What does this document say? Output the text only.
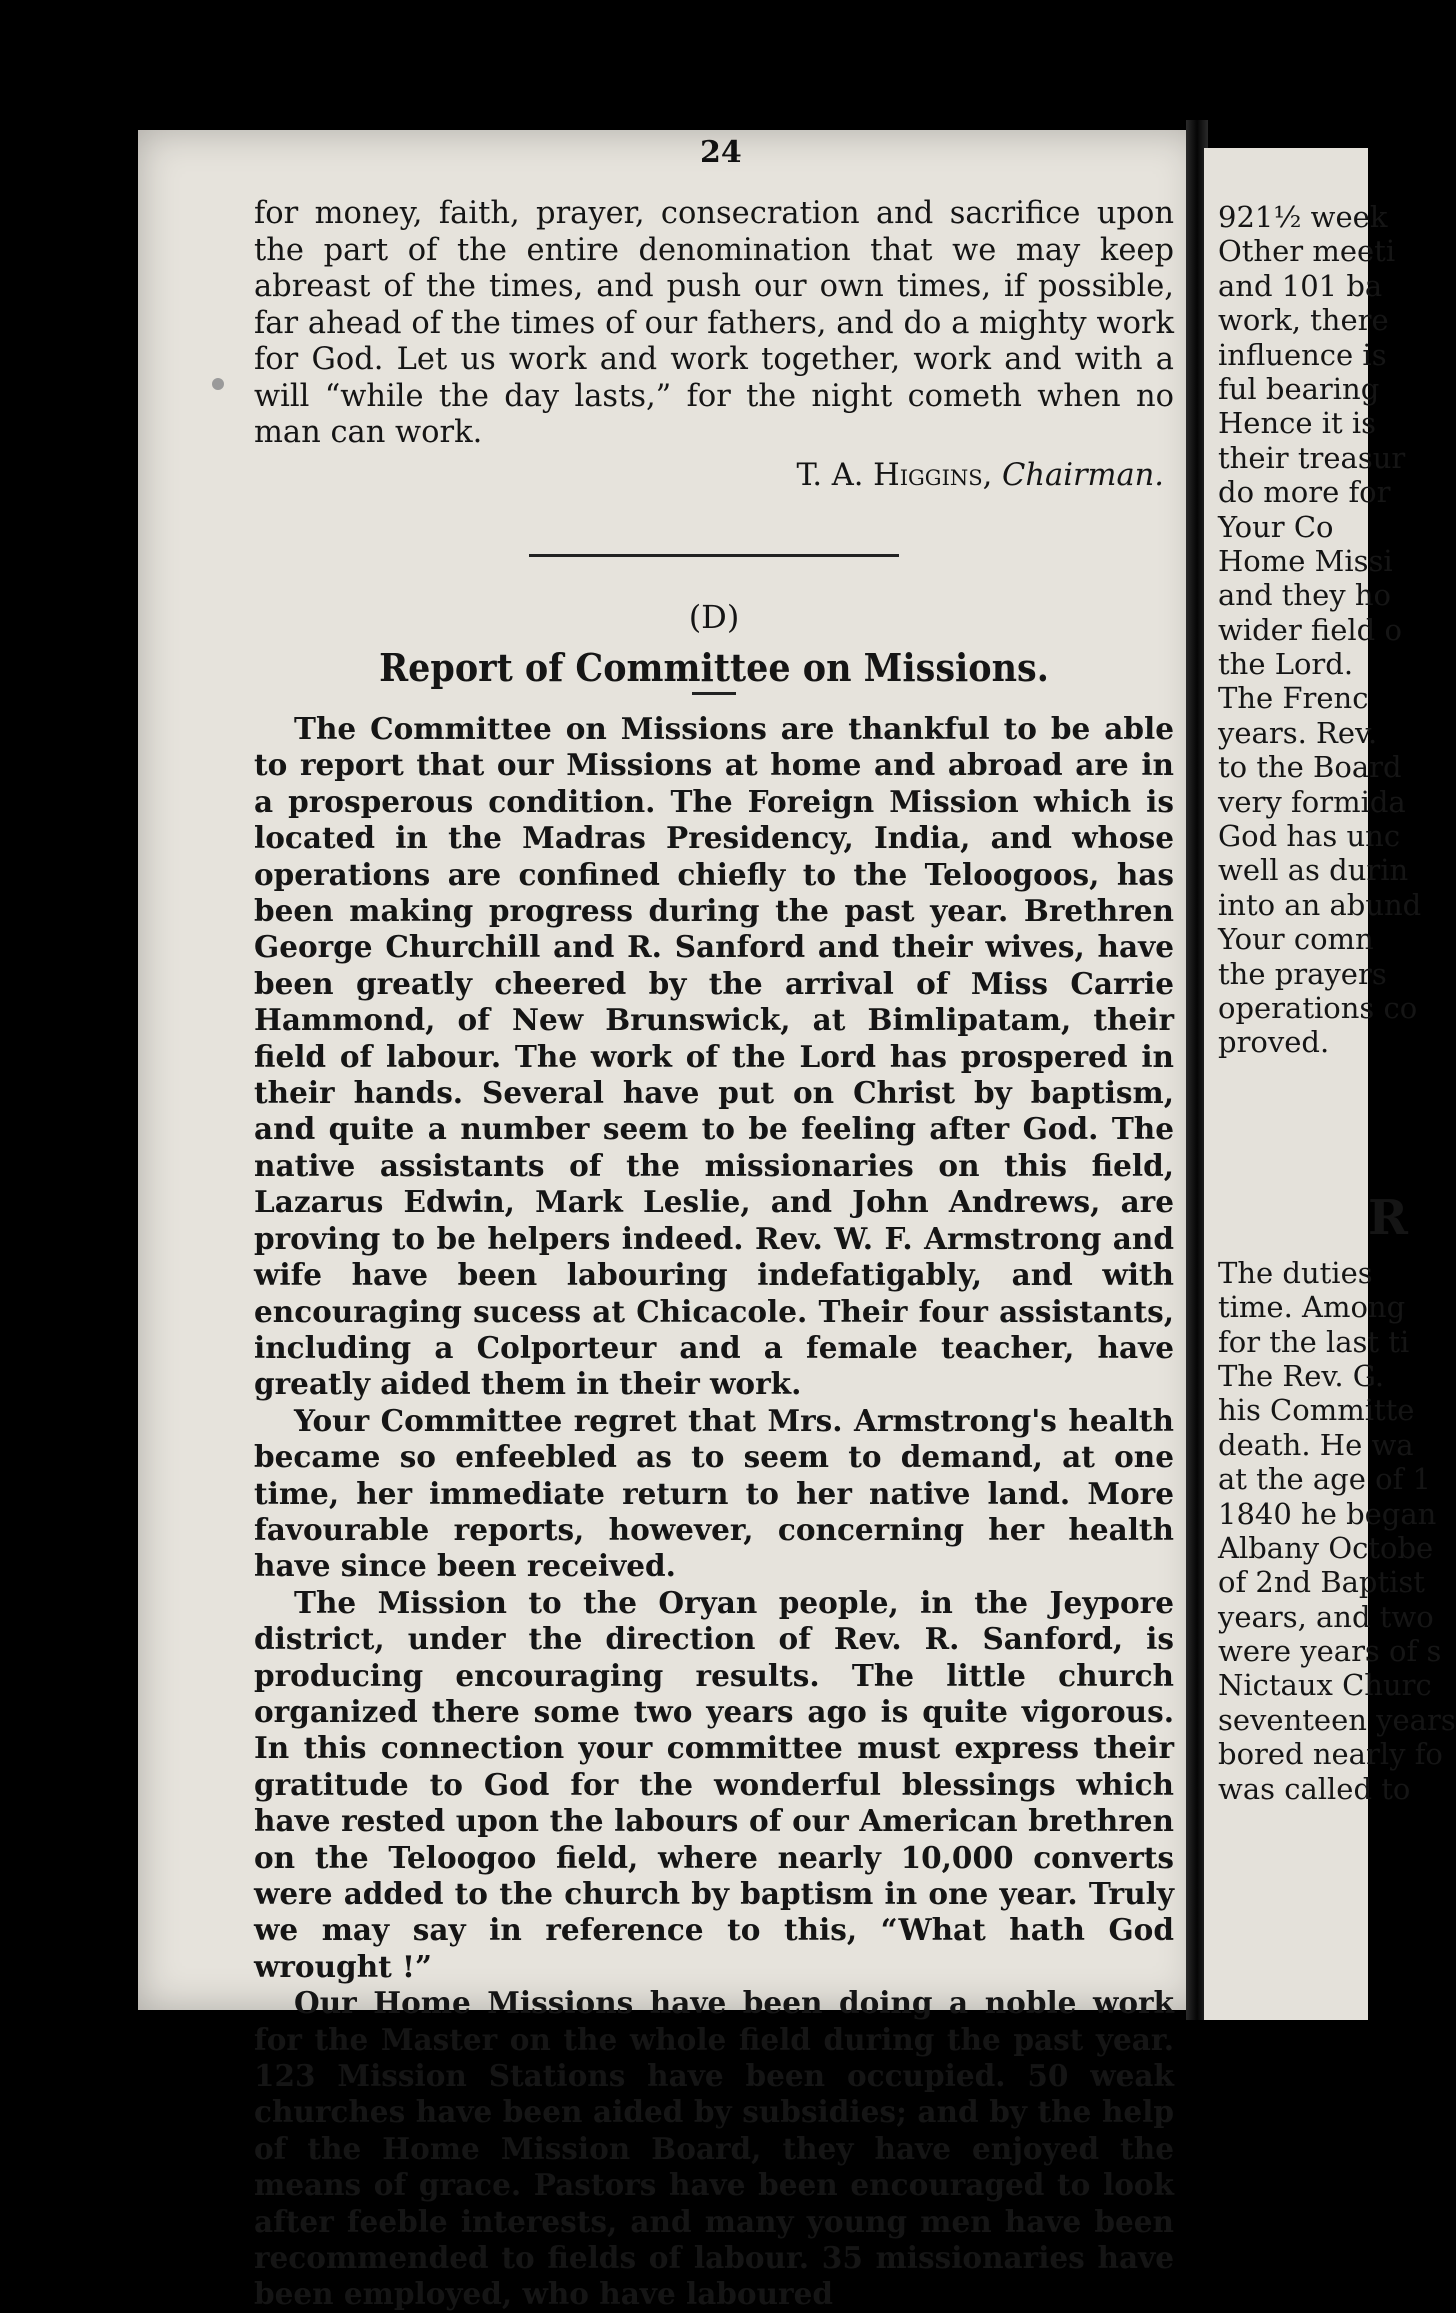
24

for money, faith, prayer, consecration and sacrifice upon the part of the entire denomination that we may keep abreast of the times, and push our own times, if possible, far ahead of the times of our fathers, and do a mighty work for God. Let us work and work together, work and with a will “while the day lasts,” for the night cometh when no man can work.

T. A. Higgins, Chairman.

(D)

Report of Committee on Missions.

The Committee on Missions are thankful to be able to report that our Missions at home and abroad are in a prosperous condition. The Foreign Mission which is located in the Madras Presidency, India, and whose operations are confined chiefly to the Teloogoos, has been making progress during the past year. Brethren George Churchill and R. Sanford and their wives, have been greatly cheered by the arrival of Miss Carrie Hammond, of New Brunswick, at Bimlipatam, their field of labour. The work of the Lord has prospered in their hands. Several have put on Christ by baptism, and quite a number seem to be feeling after God. The native assistants of the missionaries on this field, Lazarus Edwin, Mark Leslie, and John Andrews, are proving to be helpers indeed. Rev. W. F. Armstrong and wife have been labouring indefatigably, and with encouraging sucess at Chicacole. Their four assistants, including a Colporteur and a female teacher, have greatly aided them in their work.

Your Committee regret that Mrs. Armstrong's health became so enfeebled as to seem to demand, at one time, her immediate return to her native land. More favourable reports, however, concerning her health have since been received.

The Mission to the Oryan people, in the Jeypore district, under the direction of Rev. R. Sanford, is producing encouraging results. The little church organized there some two years ago is quite vigorous. In this connection your committee must express their gratitude to God for the wonderful blessings which have rested upon the labours of our American brethren on the Teloogoo field, where nearly 10,000 converts were added to the church by baptism in one year. Truly we may say in reference to this, “What hath God wrought !”

Our Home Missions have been doing a noble work for the Master on the whole field during the past year. 123 Mission Stations have been occupied. 50 weak churches have been aided by subsidies; and by the help of the Home Mission Board, they have enjoyed the means of grace. Pastors have been encouraged to look after feeble interests, and many young men have been recommended to fields of labour. 35 missionaries have been employed, who have laboured

921½ week
Other meeti
and 101 ba
work, there
influence is
ful bearing
Hence it is
their treasur
do more for
Your Co
Home Missi
and they ho
wider field o
the Lord.
The Frenc
years. Rev.
to the Board
very formida
God has unc
well as durin
into an abund
Your comn
the prayers
operations co
proved.
R
The duties
time. Among
for the last ti
The Rev. G.
his Committe
death. He wa
at the age of 1
1840 he began
Albany Octobe
of 2nd Baptist
years, and two
were years of s
Nictaux Churc
seventeen years
bored nearly fo
was called to
